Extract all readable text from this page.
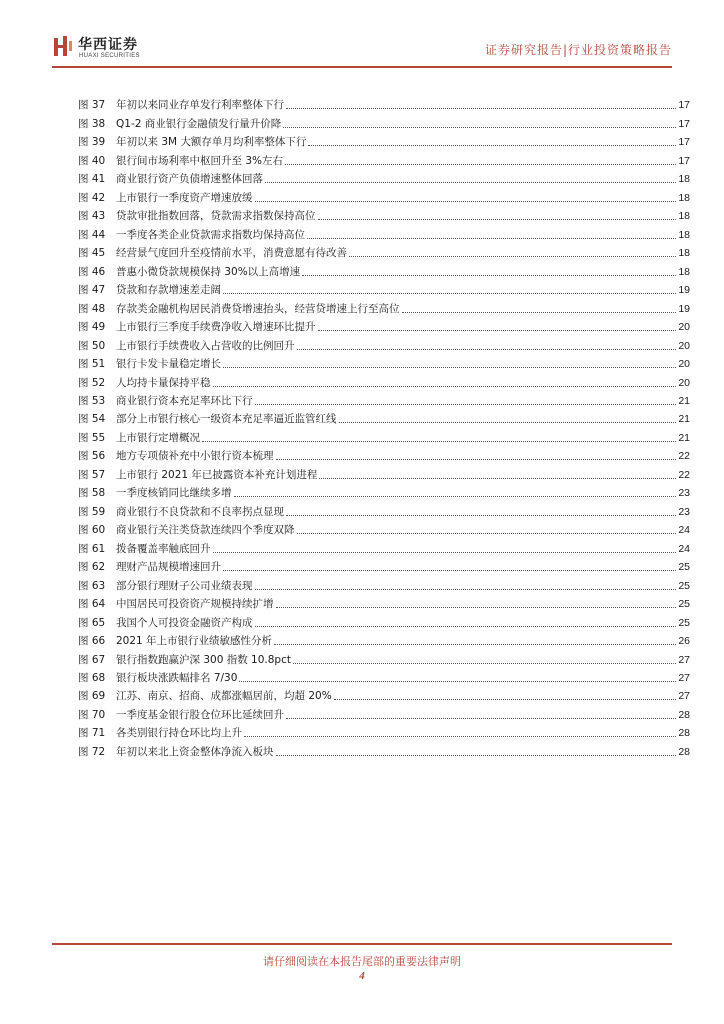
华西证券
HUAXI SECURITIES	证券研究报告|行业投资策略报告
图 37	年初以来同业存单发行利率整体下行	17
图 38	Q1-2 商业银行金融债发行量升价降	17
图 39	年初以来 3M 大额存单月均利率整体下行	17
图 40	银行间市场利率中枢回升至 3%左右	17
图 41	商业银行资产负债增速整体回落	18
图 42	上市银行一季度资产增速放缓	18
图 43	贷款审批指数回落，贷款需求指数保持高位	18
图 44	一季度各类企业贷款需求指数均保持高位	18
图 45	经营景气度回升至疫情前水平，消费意愿有待改善	18
图 46	普惠小微贷款规模保持 30%以上高增速	18
图 47	贷款和存款增速差走阔	19
图 48	存款类金融机构居民消费贷增速抬头，经营贷增速上行至高位	19
图 49	上市银行三季度手续费净收入增速环比提升	20
图 50	上市银行手续费收入占营收的比例回升	20
图 51	银行卡发卡量稳定增长	20
图 52	人均持卡量保持平稳	20
图 53	商业银行资本充足率环比下行	21
图 54	部分上市银行核心一级资本充足率逼近监管红线	21
图 55	上市银行定增概况	21
图 56	地方专项债补充中小银行资本梳理	22
图 57	上市银行 2021 年已披露资本补充计划进程	22
图 58	一季度核销同比继续多增	23
图 59	商业银行不良贷款和不良率拐点显现	23
图 60	商业银行关注类贷款连续四个季度双降	24
图 61	拨备覆盖率触底回升	24
图 62	理财产品规模增速回升	25
图 63	部分银行理财子公司业绩表现	25
图 64	中国居民可投资资产规模持续扩增	25
图 65	我国个人可投资金融资产构成	25
图 66	2021 年上市银行业绩敏感性分析	26
图 67	银行指数跑赢沪深 300 指数 10.8pct	27
图 68	银行板块涨跌幅排名 7/30	27
图 69	江苏、南京、招商、成都涨幅居前，均超 20%	27
图 70	一季度基金银行股仓位环比延续回升	28
图 71	各类别银行持仓环比均上升	28
图 72	年初以来北上资金整体净流入板块	28
请仔细阅读在本报告尾部的重要法律声明
4
